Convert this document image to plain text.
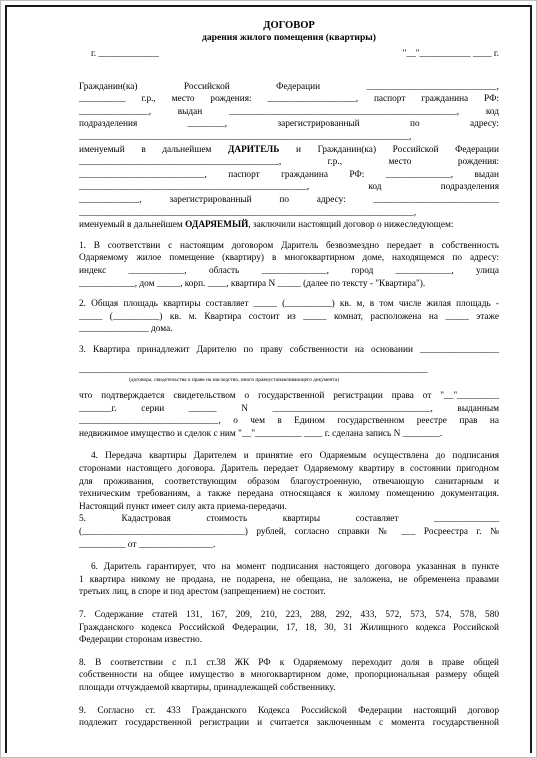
ДОГОВОР

дарения жилого помещения (квартиры)

г. _____________	"__"___________ ____ г.

Гражданин(ка) Российской Федерации ____________________________,

__________ г.р., место рождения: ___________________, паспорт гражданина РФ:

_______________, выдан _________________________________________________, код

подразделения ________, зарегистрированный по адресу:

_______________________________________________________________________,

именуемый в дальнейшем ДАРИТЕЛЬ и Гражданин(ка) Российской Федерации

___________________________________________, г.р., место рождения:

___________________________, паспорт гражданина РФ: ______________, выдан

_________________________________________________, код подразделения

_____________, зарегистрированный по адресу: ___________________________

________________________________________________________________________,

именуемый в дальнейшем ОДАРЯЕМЫЙ, заключили настоящий договор о нижеследующем:

1. В соответствии с настоящим договором Даритель безвозмездно передает в собственность

Одаряемому жилое помещение (квартиру) в многоквартирном доме, находящемся по адресу:

индекс ____________, область ______________, город ____________, улица

____________, дом _____, корп. ____, квартира N _____ (далее по тексту - "Квартира").

2. Общая площадь квартиры составляет _____ (__________) кв. м, в том числе жилая площадь -

_____ (__________) кв. м. Квартира состоит из _____ комнат, расположена на _____ этаже

_______________ дома.

3. Квартира принадлежит Дарителю по праву собственности на основании _________________

___________________________________________________________________________

(договора, свидетельства о праве на наследство, иного правоустанавливающего документа)

что подтверждается свидетельством о государственной регистрации права от "__"_________

_______г. серии ______ N __________________________________, выданным

______________________________, о чем в Едином государственном реестре прав на

недвижимое имущество и сделок с ним "__"__________ ____ г. сделана запись N ________.

4. Передача квартиры Дарителем и принятие его Одаряемым осуществлена до подписания

сторонами настоящего договора. Даритель передает Одаряемому квартиру в состоянии пригодном

для проживания, соответствующим образом благоустроенную, отвечающую санитарным и

техническим требованиям, а также передана относящаяся к жилому помещению документация.

Настоящий пункт имеет силу акта приема-передачи.

5. Кадастровая стоимость квартиры составляет ______________

(___________________________________) рублей, согласно справки № ___ Росреестра г. №

__________ от ________________.

6. Даритель гарантирует, что на момент подписания настоящего договора указанная в пункте

1 квартира никому не продана, не подарена, не обещана, не заложена, не обременена правами

третьих лиц, в споре и под арестом (запрещением) не состоит.

7. Содержание статей 131, 167, 209, 210, 223, 288, 292, 433, 572, 573, 574, 578, 580

Гражданского кодекса Российской Федерации, 17, 18, 30, 31 Жилищного кодекса Российской

Федерации сторонам известно.

8. В соответствии с п.1 ст.38 ЖК РФ к Одаряемому переходит доля в праве общей

собственности на общее имущество в многоквартирном доме, пропорциональная размеру общей

площади отчуждаемой квартиры, принадлежащей собственнику.

9. Согласно ст. 433 Гражданского Кодекса Российской Федерации настоящий договор

подлежит государственной регистрации и считается заключенным с момента государственной
